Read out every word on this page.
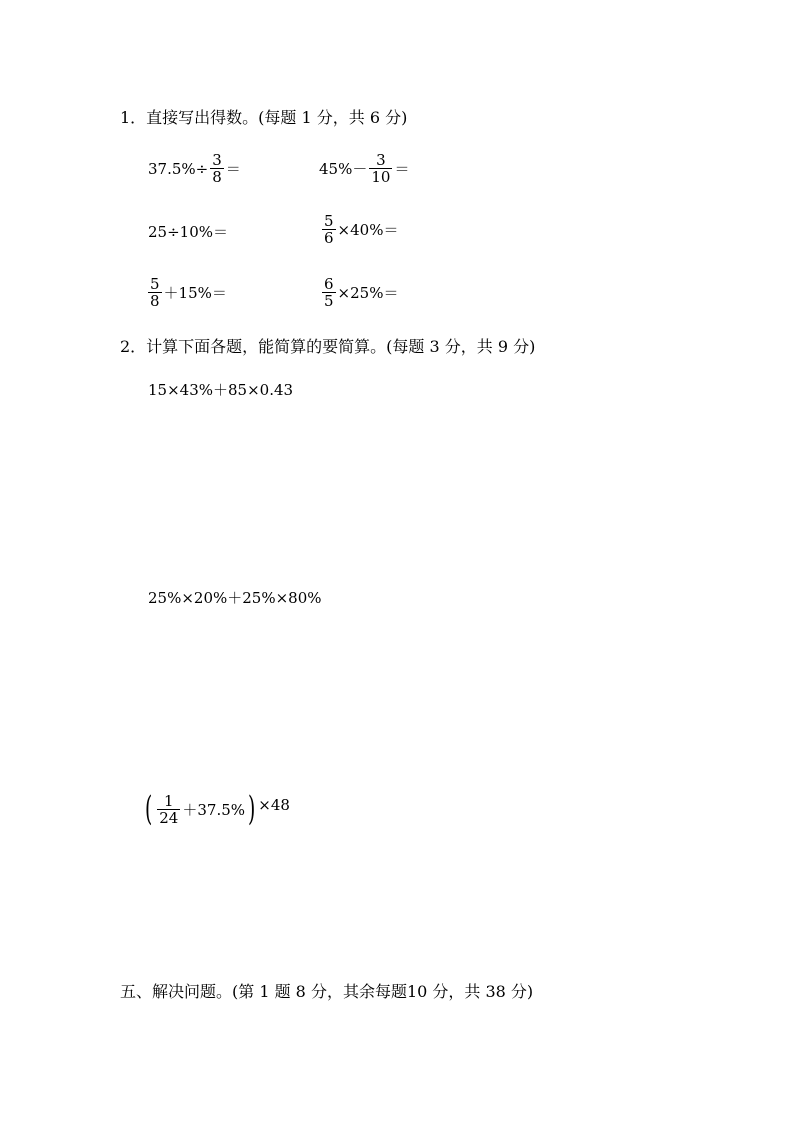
1．直接写出得数。(每题 1 分，共 6 分)
$37.5\%\div \frac{3}{8}$ ＝	$45\%- \frac{3}{10}$ ＝
25÷10%＝	$\frac{5}{6} \times 40\%=$
$\frac{5}{8} +15\%=$	$\frac{6}{5} \times 25\%=$
2．计算下面各题，能简算的要简算。(每题 3 分，共 9 分)
15×43%＋85×0.43
25%×20%＋25%×80%
( $\frac{1}{24} +37.5\%$ ) ×48
五、解决问题。(第 1 题 8 分，其余每题10 分，共 38 分)
